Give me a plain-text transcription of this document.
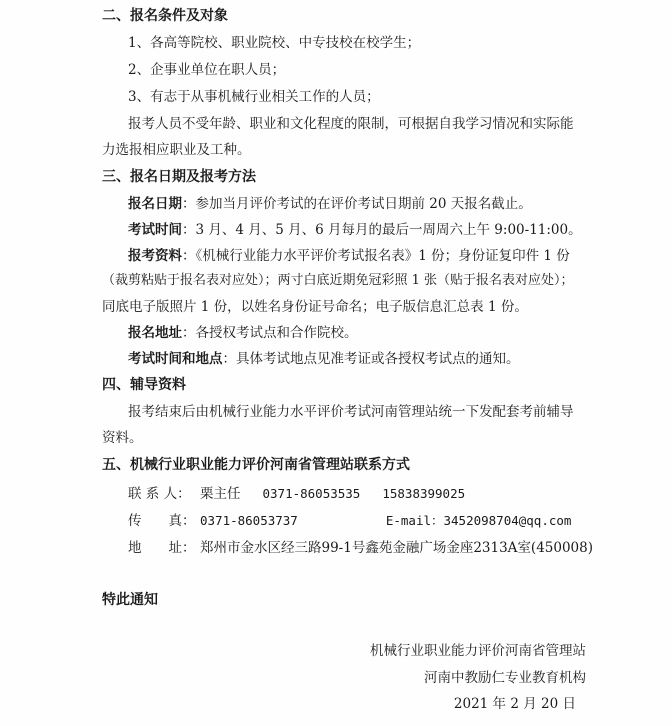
二、报名条件及对象
1、各高等院校、职业院校、中专技校在校学生；
2、企事业单位在职人员；
3、有志于从事机械行业相关工作的人员；
报考人员不受年龄、职业和文化程度的限制，可根据自我学习情况和实际能
力选报相应职业及工种。
三、报名日期及报考方法
报名日期：参加当月评价考试的在评价考试日期前 20 天报名截止。
考试时间：3 月、4 月、5 月、6 月每月的最后一周周六上午 9:00-11:00。
报考资料：《机械行业能力水平评价考试报名表》1 份；身份证复印件 1 份
（裁剪粘贴于报名表对应处）；两寸白底近期免冠彩照 1 张（贴于报名表对应处）；
同底电子版照片 1 份，以姓名身份证号命名；电子版信息汇总表 1 份。
报名地址：各授权考试点和合作院校。
考试时间和地点：具体考试地点见准考证或各授权考试点的通知。
四、辅导资料
报考结束后由机械行业能力水平评价考试河南管理站统一下发配套考前辅导
资料。
五、机械行业职业能力评价河南省管理站联系方式
联 系 人： 栗主任 0371-86053535 15838399025
传　　真： 0371-86053737	E-mail：3452098704@qq.com
地　　址： 郑州市金水区经三路99-1号鑫苑金融广场金座2313A室(450008)
特此通知
机械行业职业能力评价河南省管理站
河南中教励仁专业教育机构
2021 年 2 月 20 日
